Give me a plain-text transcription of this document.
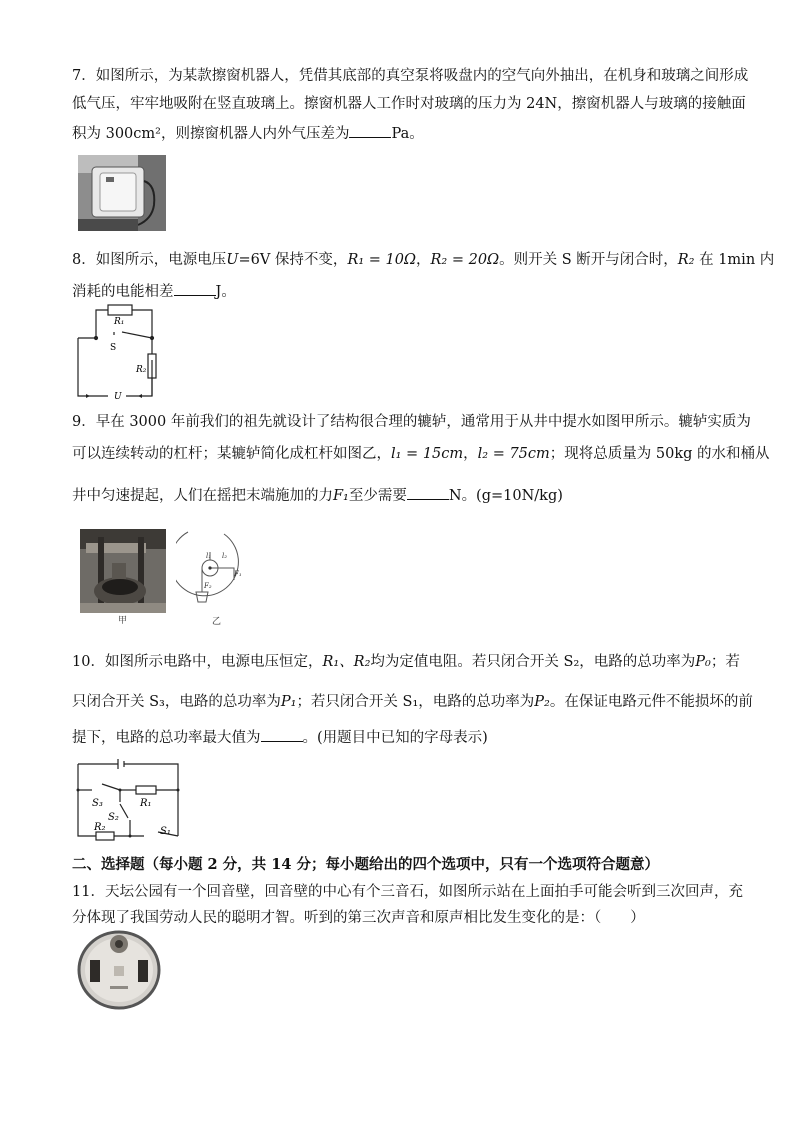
7．如图所示，为某款擦窗机器人，凭借其底部的真空泵将吸盘内的空气向外抽出，在机身和玻璃之间形成
低气压，牢牢地吸附在竖直玻璃上。擦窗机器人工作时对玻璃的压力为 24N，擦窗机器人与玻璃的接触面
积为 300cm²，则擦窗机器人内外气压差为	Pa。
8．如图所示，电源电压U=6V 保持不变，R₁ = 10Ω，R₂ = 20Ω。则开关 S 断开与闭合时，R₂ 在 1min 内
消耗的电能相差	J。
R₁
S
R₂
U
9．早在 3000 年前我们的祖先就设计了结构很合理的辘轳，通常用于从井中提水如图甲所示。辘轳实质为
可以连续转动的杠杆；某辘轳简化成杠杆如图乙，l₁ = 15cm，l₂ = 75cm；现将总质量为 50kg 的水和桶从
井中匀速提起，人们在摇把末端施加的力F₁至少需要	N。(g=10N/kg)
甲
l₁ l₂
F₁
F₂
乙
10．如图所示电路中，电源电压恒定，R₁、R₂均为定值电阻。若只闭合开关 S₂，电路的总功率为P₀；若
只闭合开关 S₃，电路的总功率为P₁；若只闭合开关 S₁，电路的总功率为P₂。在保证电路元件不能损坏的前
提下，电路的总功率最大值为	。(用题目中已知的字母表示)
S₃	R₁
S₂
R₂	S₁
二、选择题（每小题 2 分，共 14 分；每小题给出的四个选项中，只有一个选项符合题意）
11．天坛公园有一个回音壁，回音壁的中心有个三音石，如图所示站在上面拍手可能会听到三次回声，充
分体现了我国劳动人民的聪明才智。听到的第三次声音和原声相比发生变化的是：（　　）
